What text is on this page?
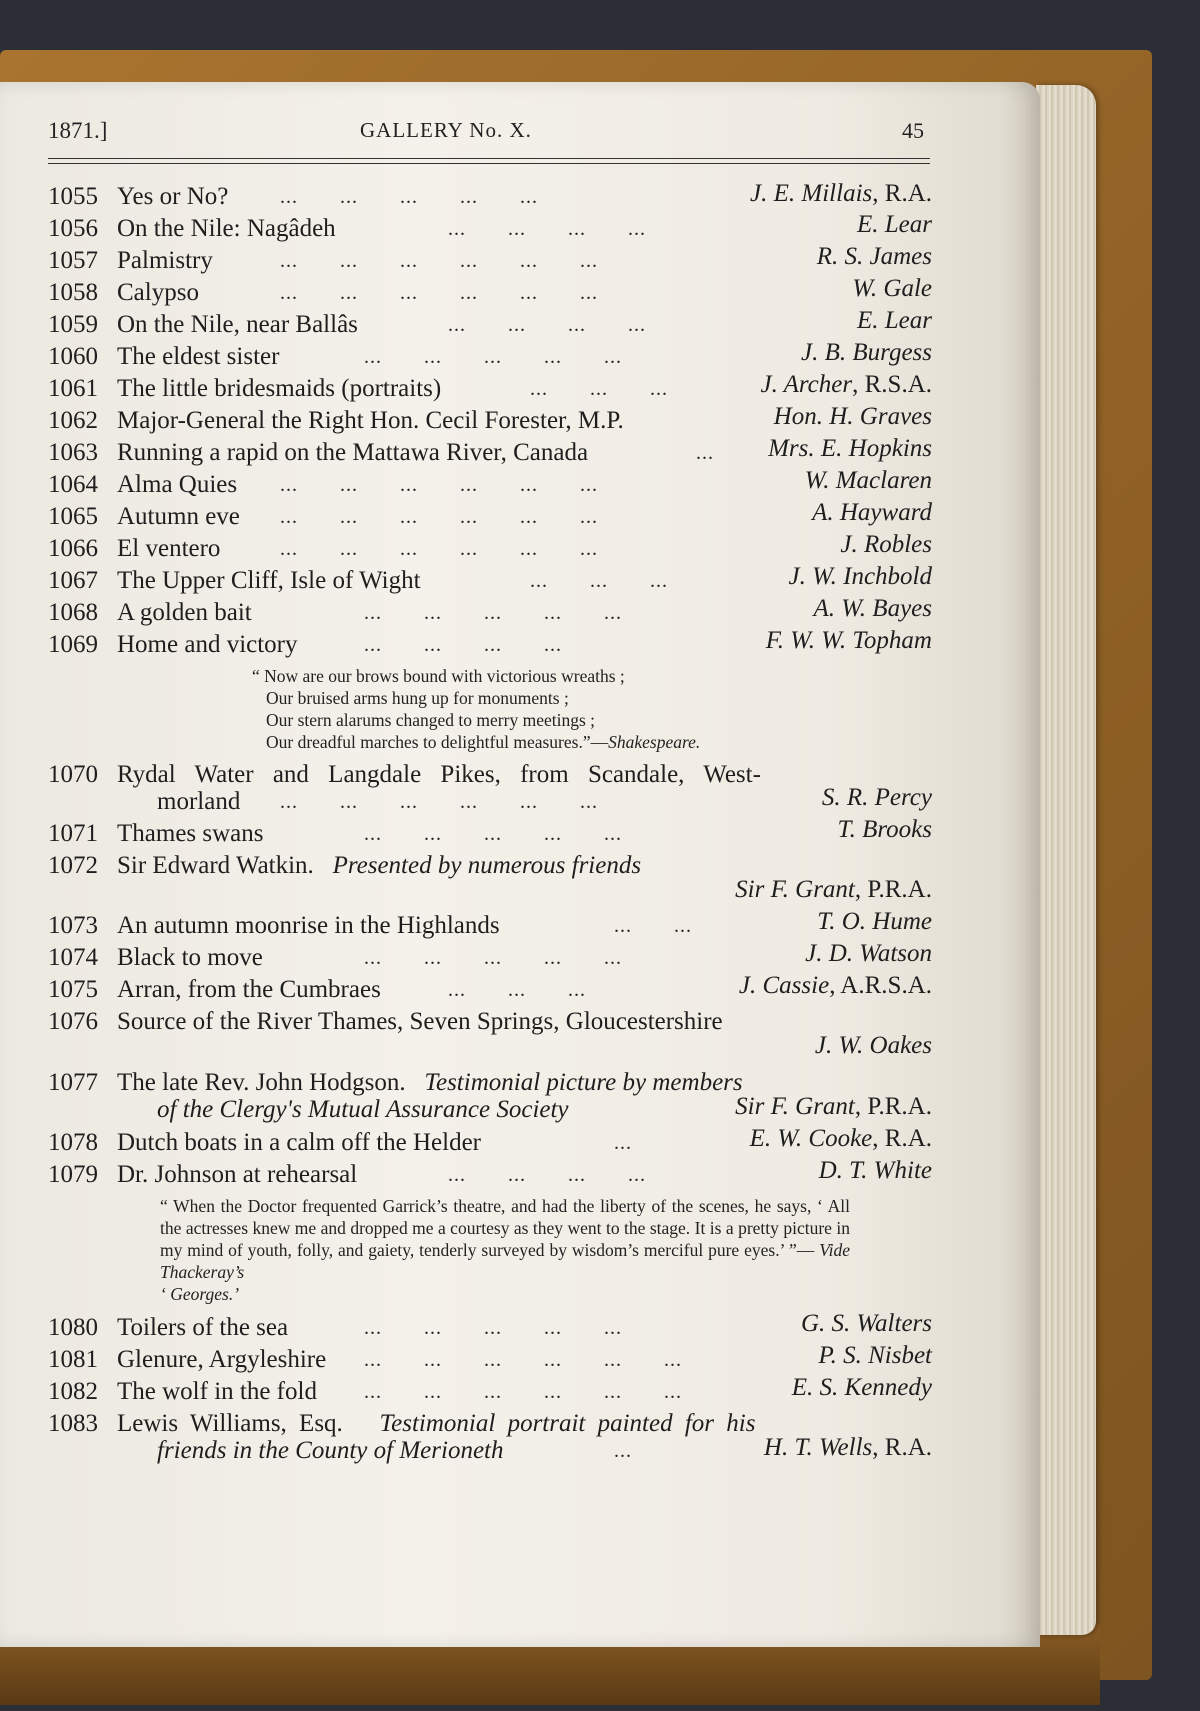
1871.]	GALLERY No. X.	45
1055 Yes or No?	...       ...       ...       ...       ...	J. E. Millais, R.A.
1056 On the Nile: Nagâdeh	...       ...       ...       ...	E. Lear
1057 Palmistry	...       ...       ...       ...       ...       ...	R. S. James
1058 Calypso	...       ...       ...       ...       ...       ...	W. Gale
1059 On the Nile, near Ballâs	...       ...       ...       ...	E. Lear
1060 The eldest sister	...       ...       ...       ...       ...	J. B. Burgess
1061 The little bridesmaids (portraits)	...       ...       ...	J. Archer, R.S.A.
1062 Major-General the Right Hon. Cecil Forester, M.P.	Hon. H. Graves
1063 Running a rapid on the Mattawa River, Canada	... Mrs. E. Hopkins
1064 Alma Quies ...       ...       ...       ...       ...       ...	W. Maclaren
1065 Autumn eve ...       ...       ...       ...       ...       ...	A. Hayward
1066 El ventero	...       ...       ...       ...       ...       ...	J. Robles
1067 The Upper Cliff, Isle of Wight	...       ...       ...	J. W. Inchbold
1068 A golden bait	...       ...       ...       ...       ...	A. W. Bayes
1069 Home and victory	...       ...       ...       ...	F. W. W. Topham
“ Now are our brows bound with victorious wreaths ;
Our bruised arms hung up for monuments ;
Our stern alarums changed to merry meetings ;
Our dreadful marches to delightful measures.”—Shakespeare.
1070 Rydal Water and Langdale Pikes, from Scandale, West-
morland ...       ...       ...       ...       ...       ...	S. R. Percy
1071 Thames swans	...       ...       ...       ...       ...	T. Brooks
1072 Sir Edward Watkin. Presented by numerous friends
Sir F. Grant, P.R.A.
1073 An autumn moonrise in the Highlands	...       ...	T. O. Hume
1074 Black to move	...       ...       ...       ...       ...	J. D. Watson
1075 Arran, from the Cumbraes	...       ...       ...	J. Cassie, A.R.S.A.
1076 Source of the River Thames, Seven Springs, Gloucestershire
J. W. Oakes
1077 The late Rev. John Hodgson. Testimonial picture by members
of the Clergy's Mutual Assurance Society	Sir F. Grant, P.R.A.
1078 Dutch boats in a calm off the Helder	...	E. W. Cooke, R.A.
1079 Dr. Johnson at rehearsal	...       ...       ...       ...	D. T. White
“ When the Doctor frequented Garrick’s theatre, and had the liberty of the scenes, he says, ‘ All the actresses knew me and dropped me a courtesy as they went to the stage. It is a pretty picture in my mind of youth, folly, and gaiety, tenderly surveyed by wisdom’s merciful pure eyes.’ ”— Vide Thackeray’s
‘ Georges.’
1080 Toilers of the sea	...       ...       ...       ...       ...	G. S. Walters
1081 Glenure, Argyleshire ...       ...       ...       ...       ...       ...	P. S. Nisbet
1082 The wolf in the fold ...       ...       ...       ...       ...       ...	E. S. Kennedy
1083 Lewis Williams, Esq. Testimonial portrait painted for his
friends in the County of Merioneth	...	H. T. Wells, R.A.
